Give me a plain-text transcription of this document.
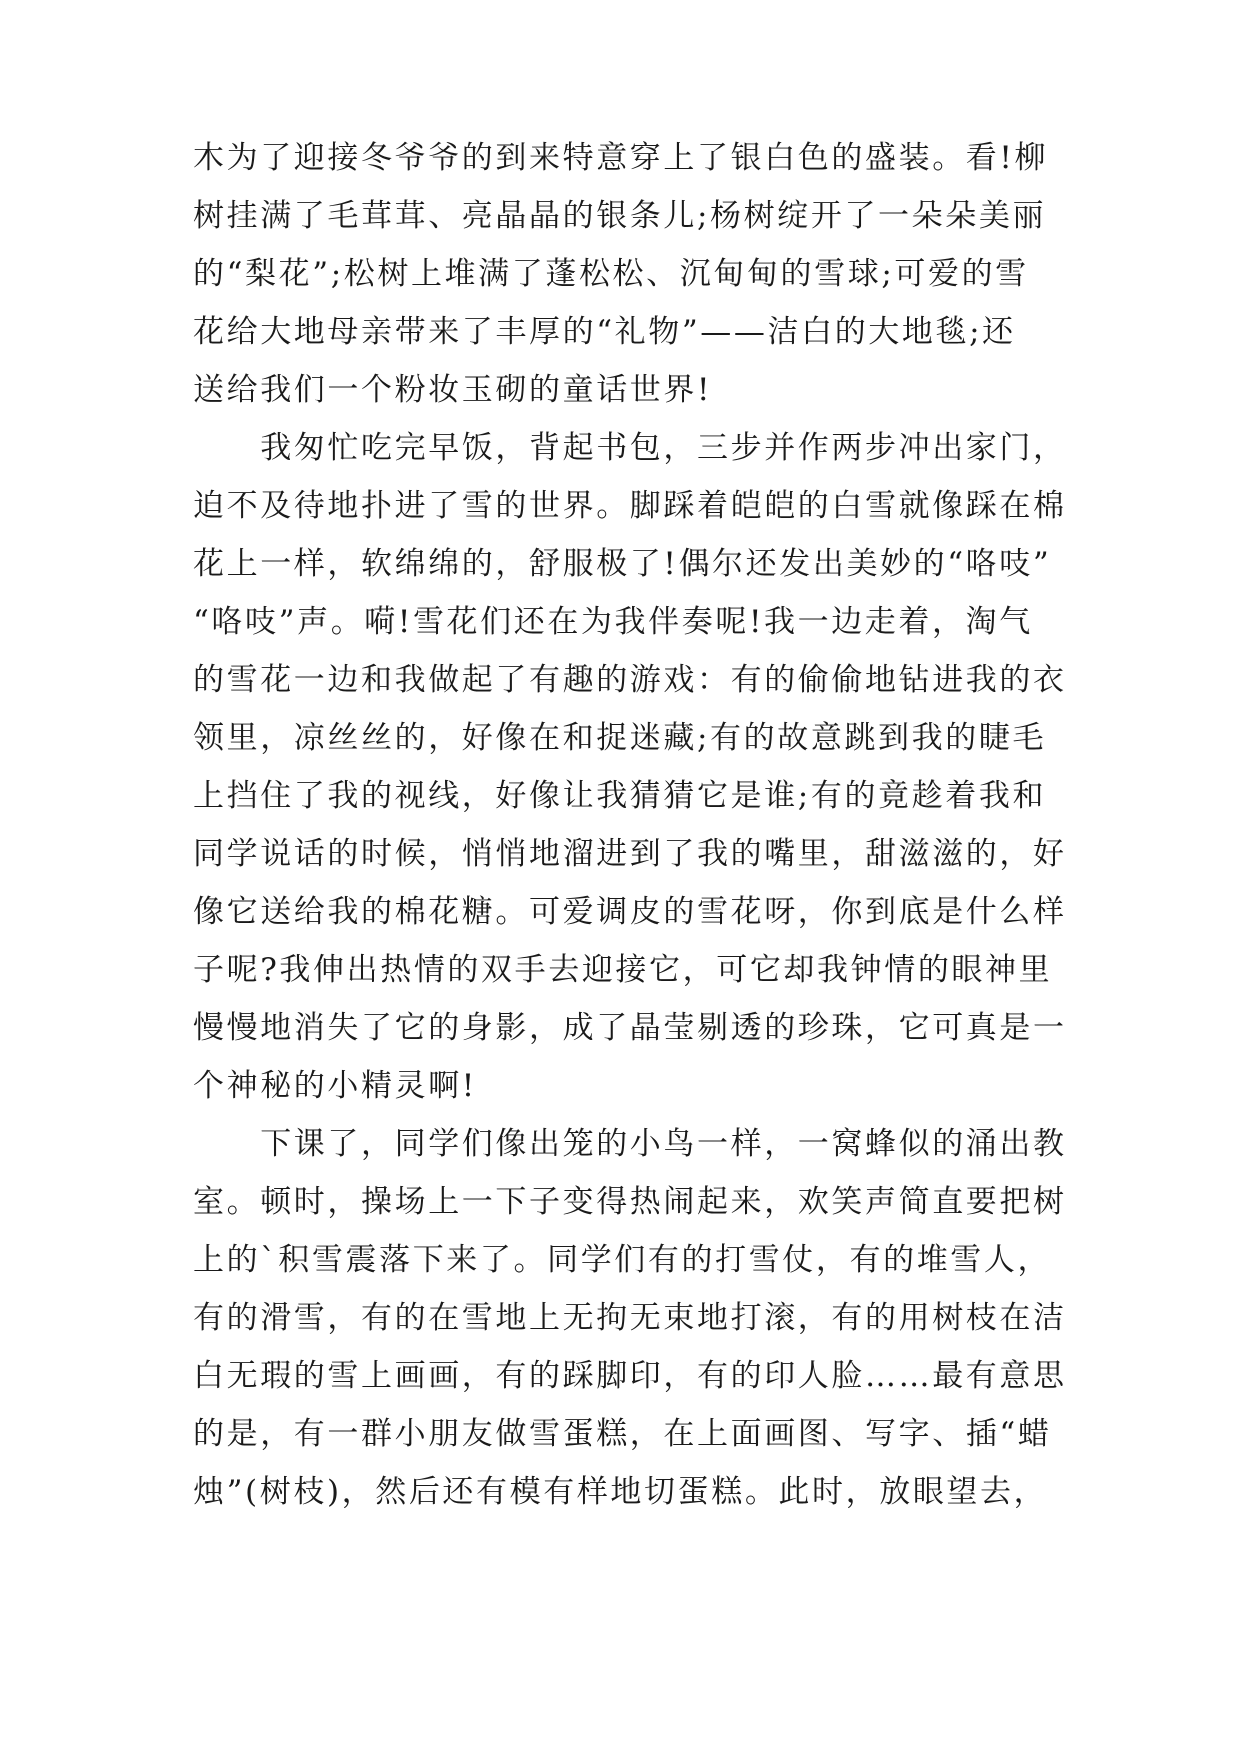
木为了迎接冬爷爷的到来特意穿上了银白色的盛装。看!柳
树挂满了毛茸茸、亮晶晶的银条儿;杨树绽开了一朵朵美丽
的“梨花”;松树上堆满了蓬松松、沉甸甸的雪球;可爱的雪
花给大地母亲带来了丰厚的“礼物”——洁白的大地毯;还
送给我们一个粉妆玉砌的童话世界!
　　我匆忙吃完早饭，背起书包，三步并作两步冲出家门，
迫不及待地扑进了雪的世界。脚踩着皑皑的白雪就像踩在棉
花上一样，软绵绵的，舒服极了!偶尔还发出美妙的“咯吱”
“咯吱”声。嗬!雪花们还在为我伴奏呢!我一边走着，淘气
的雪花一边和我做起了有趣的游戏：有的偷偷地钻进我的衣
领里，凉丝丝的，好像在和捉迷藏;有的故意跳到我的睫毛
上挡住了我的视线，好像让我猜猜它是谁;有的竟趁着我和
同学说话的时候，悄悄地溜进到了我的嘴里，甜滋滋的，好
像它送给我的棉花糖。可爱调皮的雪花呀，你到底是什么样
子呢?我伸出热情的双手去迎接它，可它却我钟情的眼神里
慢慢地消失了它的身影，成了晶莹剔透的珍珠，它可真是一
个神秘的小精灵啊!
　　下课了，同学们像出笼的小鸟一样，一窝蜂似的涌出教
室。顿时，操场上一下子变得热闹起来，欢笑声简直要把树
上的`积雪震落下来了。同学们有的打雪仗，有的堆雪人，
有的滑雪，有的在雪地上无拘无束地打滚，有的用树枝在洁
白无瑕的雪上画画，有的踩脚印，有的印人脸……最有意思
的是，有一群小朋友做雪蛋糕，在上面画图、写字、插“蜡
烛”(树枝)，然后还有模有样地切蛋糕。此时，放眼望去，
